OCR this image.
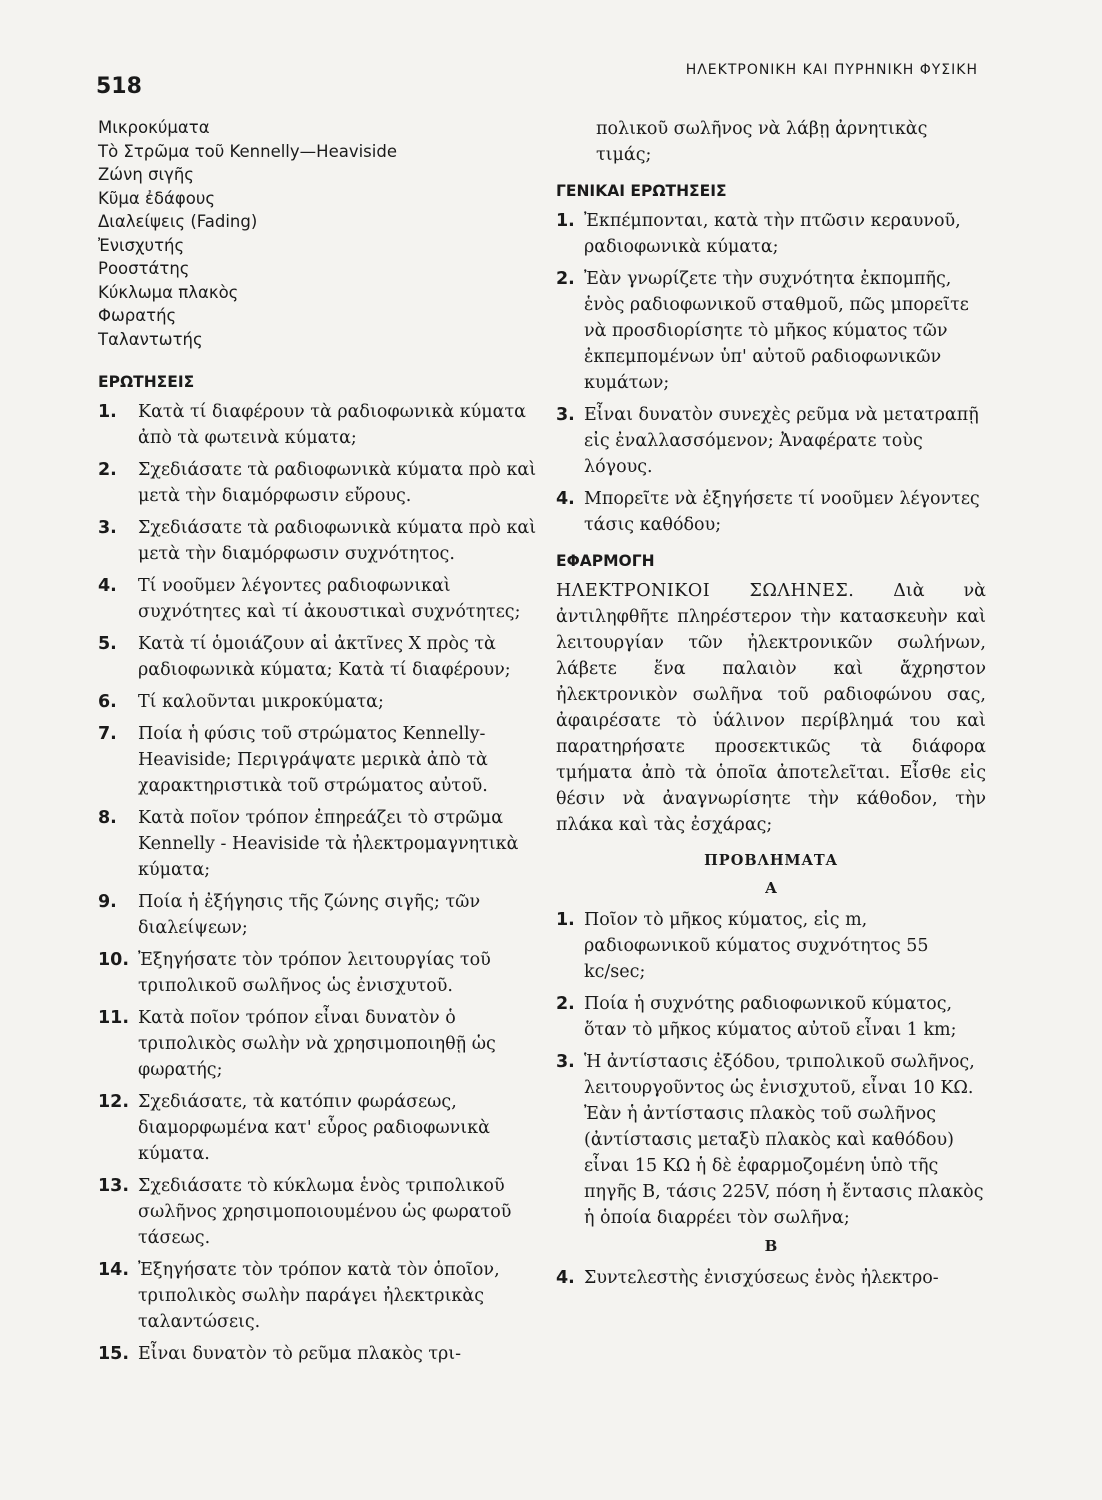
518
ΗΛΕΚΤΡΟΝΙΚΗ ΚΑΙ ΠΥΡΗΝΙΚΗ ΦΥΣΙΚΗ
Μικροκύματα
Τὸ Στρῶμα τοῦ Kennelly—Heaviside
Ζώνη σιγῆς
Κῦμα ἐδάφους
Διαλείψεις (Fading)
Ἐνισχυτής
Ροοστάτης
Κύκλωμα πλακὸς
Φωρατής
Ταλαντωτής
ΕΡΩΤΗΣΕΙΣ
1.	Κατὰ τί διαφέρουν τὰ ραδιοφωνικὰ κύματα ἀπὸ τὰ φωτεινὰ κύματα;
2.	Σχεδιάσατε τὰ ραδιοφωνικὰ κύματα πρὸ καὶ μετὰ τὴν διαμόρφωσιν εὔρους.
3.	Σχεδιάσατε τὰ ραδιοφωνικὰ κύματα πρὸ καὶ μετὰ τὴν διαμόρφωσιν συχνότητος.
4.	Τί νοοῦμεν λέγοντες ραδιοφωνικαὶ συχνότητες καὶ τί ἀκουστικαὶ συχνότητες;
5.	Κατὰ τί ὁμοιάζουν αἱ ἀκτῖνες X πρὸς τὰ ραδιοφωνικὰ κύματα; Κατὰ τί διαφέρουν;
6.	Τί καλοῦνται μικροκύματα;
7.	Ποία ἡ φύσις τοῦ στρώματος Kennelly-Heaviside; Περιγράψατε μερικὰ ἀπὸ τὰ χαρακτηριστικὰ τοῦ στρώματος αὐτοῦ.
8.	Κατὰ ποῖον τρόπον ἐπηρεάζει τὸ στρῶμα Kennelly - Heaviside τὰ ἠλεκτρομαγνητικὰ κύματα;
9.	Ποία ἡ ἐξήγησις τῆς ζώνης σιγῆς; τῶν διαλείψεων;
10. Ἐξηγήσατε τὸν τρόπον λειτουργίας τοῦ τριπολικοῦ σωλῆνος ὡς ἐνισχυτοῦ.
11. Κατὰ ποῖον τρόπον εἶναι δυνατὸν ὁ τριπολικὸς σωλὴν νὰ χρησιμοποιηθῇ ὡς φωρατής;
12. Σχεδιάσατε, τὰ κατόπιν φωράσεως, διαμορφωμένα κατ' εὖρος ραδιοφωνικὰ κύματα.
13. Σχεδιάσατε τὸ κύκλωμα ἑνὸς τριπολικοῦ σωλῆνος χρησιμοποιουμένου ὡς φωρατοῦ τάσεως.
14. Ἐξηγήσατε τὸν τρόπον κατὰ τὸν ὁποῖον, τριπολικὸς σωλὴν παράγει ἠλεκτρικὰς ταλαντώσεις.
15. Εἶναι δυνατὸν τὸ ρεῦμα πλακὸς τρι-
πολικοῦ σωλῆνος νὰ λάβῃ ἀρνητικὰς τιμάς;
ΓΕΝΙΚΑΙ ΕΡΩΤΗΣΕΙΣ
1. Ἐκπέμπονται, κατὰ τὴν πτῶσιν κεραυνοῦ, ραδιοφωνικὰ κύματα;
2. Ἐὰν γνωρίζετε τὴν συχνότητα ἐκπομπῆς, ἑνὸς ραδιοφωνικοῦ σταθμοῦ, πῶς μπορεῖτε νὰ προσδιορίσητε τὸ μῆκος κύματος τῶν ἐκπεμπομένων ὑπ' αὐτοῦ ραδιοφωνικῶν κυμάτων;
3. Εἶναι δυνατὸν συνεχὲς ρεῦμα νὰ μετατραπῇ εἰς ἐναλλασσόμενον; Ἀναφέρατε τοὺς λόγους.
4. Μπορεῖτε νὰ ἐξηγήσετε τί νοοῦμεν λέγοντες τάσις καθόδου;
ΕΦΑΡΜΟΓΗ
ΗΛΕΚΤΡΟΝΙΚΟΙ ΣΩΛΗΝΕΣ. Διὰ νὰ ἀντιληφθῆτε πληρέστερον τὴν κατασκευὴν καὶ λειτουργίαν τῶν ἠλεκτρονικῶν σωλήνων, λάβετε ἕνα παλαιὸν καὶ ἄχρηστον ἠλεκτρονικὸν σωλῆνα τοῦ ραδιοφώνου σας, ἀφαιρέσατε τὸ ὑάλινον περίβλημά του καὶ παρατηρήσατε προσεκτικῶς τὰ διάφορα τμήματα ἀπὸ τὰ ὁποῖα ἀποτελεῖται. Εἶσθε εἰς θέσιν νὰ ἀναγνωρίσητε τὴν κάθοδον, τὴν πλάκα καὶ τὰς ἐσχάρας;
ΠΡΟΒΛΗΜΑΤΑ
Α
1. Ποῖον τὸ μῆκος κύματος, εἰς m, ραδιοφωνικοῦ κύματος συχνότητος 55 kc/sec;
2. Ποία ἡ συχνότης ραδιοφωνικοῦ κύματος, ὅταν τὸ μῆκος κύματος αὐτοῦ εἶναι 1 km;
3. Ἡ ἀντίστασις ἐξόδου, τριπολικοῦ σωλῆνος, λειτουργοῦντος ὡς ἐνισχυτοῦ, εἶναι 10 KΩ. Ἐὰν ἡ ἀντίστασις πλακὸς τοῦ σωλῆνος (ἀντίστασις μεταξὺ πλακὸς καὶ καθόδου) εἶναι 15 KΩ ἡ δὲ ἐφαρμοζομένη ὑπὸ τῆς πηγῆς B, τάσις 225V, πόση ἡ ἔντασις πλακὸς ἡ ὁποία διαρρέει τὸν σωλῆνα;
Β
4. Συντελεστὴς ἐνισχύσεως ἑνὸς ἠλεκτρο-
